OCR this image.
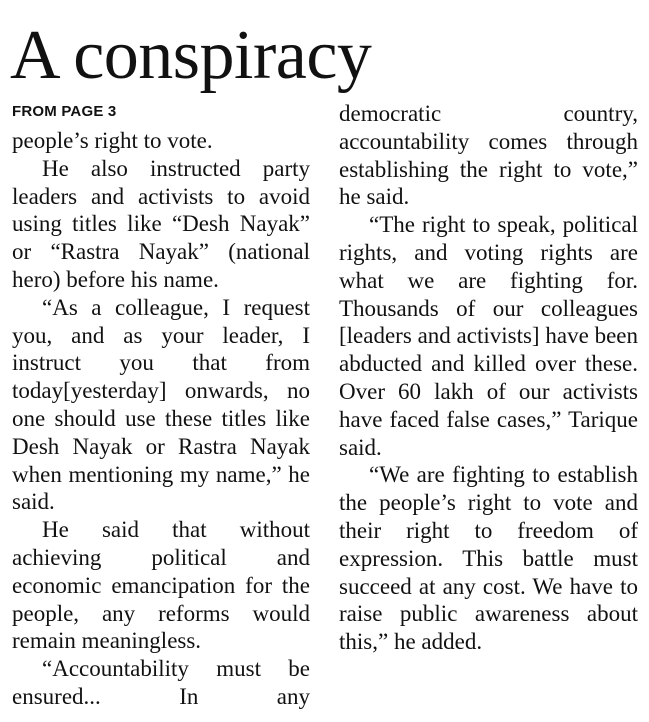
A conspiracy
FROM PAGE 3

people’s right to vote.

He also instructed party leaders and activists to avoid using titles like “Desh Nayak” or “Rastra Nayak” (national hero) before his name.

“As a colleague, I request you, and as your leader, I instruct you that from today[yesterday] onwards, no one should use these titles like Desh Nayak or Rastra Nayak when mentioning my name,” he said.

He said that without achieving political and economic emancipation for the people, any reforms would remain meaningless.

“Accountability must be ensured... In any

democratic country, accountability comes through establishing the right to vote,” he said.

“The right to speak, political rights, and voting rights are what we are fighting for. Thousands of our colleagues [leaders and activists] have been abducted and killed over these. Over 60 lakh of our activists have faced false cases,” Tarique said.

“We are fighting to establish the people’s right to vote and their right to freedom of expression. This battle must succeed at any cost. We have to raise public awareness about this,” he added.
